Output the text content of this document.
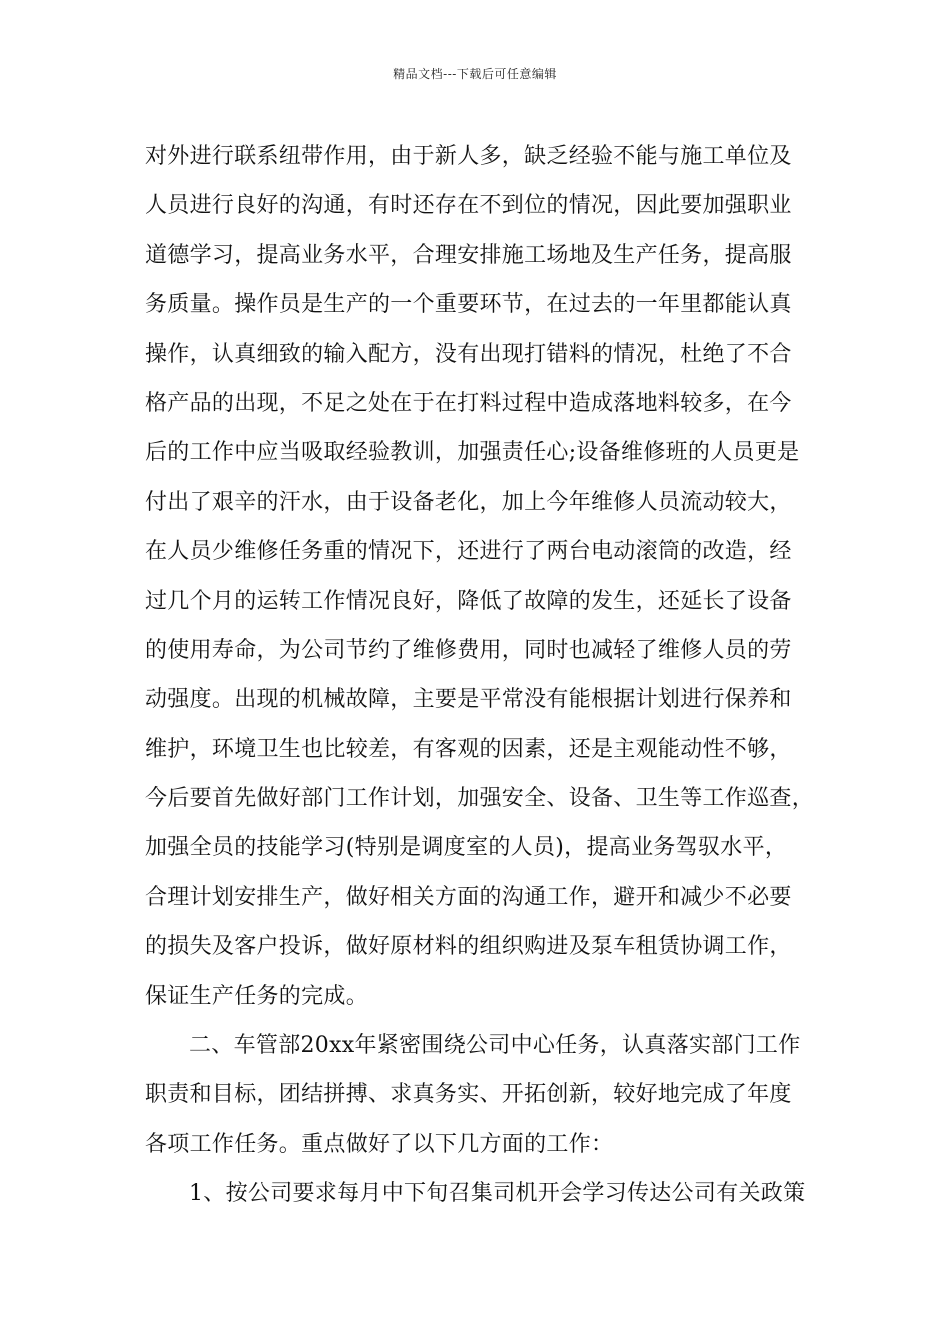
精品文档---下载后可任意编辑
对外进行联系纽带作用，由于新人多，缺乏经验不能与施工单位及
人员进行良好的沟通，有时还存在不到位的情况，因此要加强职业
道德学习，提高业务水平，合理安排施工场地及生产任务，提高服
务质量。操作员是生产的一个重要环节，在过去的一年里都能认真
操作，认真细致的输入配方，没有出现打错料的情况，杜绝了不合
格产品的出现，不足之处在于在打料过程中造成落地料较多，在今
后的工作中应当吸取经验教训，加强责任心;设备维修班的人员更是
付出了艰辛的汗水，由于设备老化，加上今年维修人员流动较大，
在人员少维修任务重的情况下，还进行了两台电动滚筒的改造，经
过几个月的运转工作情况良好，降低了故障的发生，还延长了设备
的使用寿命，为公司节约了维修费用，同时也减轻了维修人员的劳
动强度。出现的机械故障，主要是平常没有能根据计划进行保养和
维护，环境卫生也比较差，有客观的因素，还是主观能动性不够，
今后要首先做好部门工作计划，加强安全、设备、卫生等工作巡查，
加强全员的技能学习(特别是调度室的人员)，提高业务驾驭水平，
合理计划安排生产，做好相关方面的沟通工作，避开和减少不必要
的损失及客户投诉，做好原材料的组织购进及泵车租赁协调工作，
保证生产任务的完成。
二、车管部20xx年紧密围绕公司中心任务，认真落实部门工作
职责和目标，团结拼搏、求真务实、开拓创新，较好地完成了年度
各项工作任务。重点做好了以下几方面的工作：
1、按公司要求每月中下旬召集司机开会学习传达公司有关政策
